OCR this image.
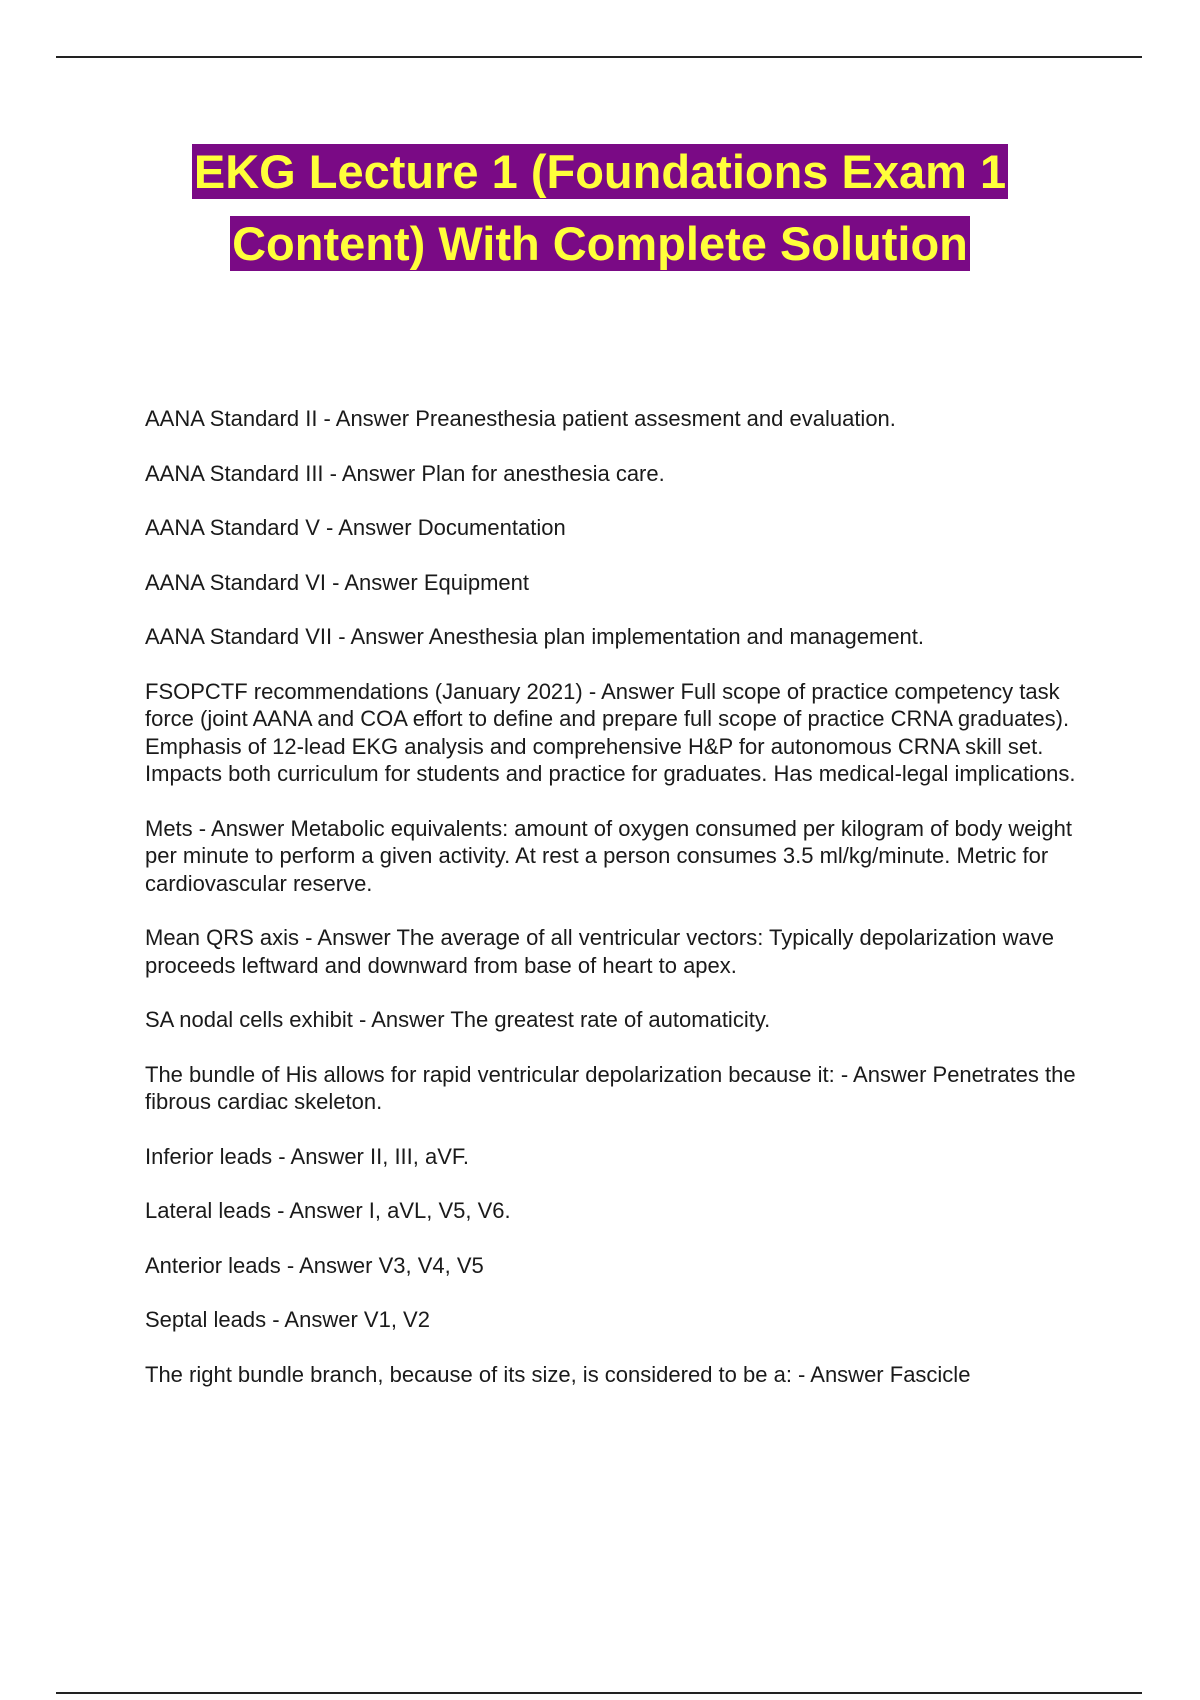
EKG Lecture 1 (Foundations Exam 1
Content) With Complete Solution

AANA Standard II - Answer Preanesthesia patient assesment and evaluation.

AANA Standard III - Answer Plan for anesthesia care.

AANA Standard V - Answer Documentation

AANA Standard VI - Answer Equipment

AANA Standard VII - Answer Anesthesia plan implementation and management.

FSOPCTF recommendations (January 2021) - Answer Full scope of practice competency task force (joint AANA and COA effort to define and prepare full scope of practice CRNA graduates). Emphasis of 12-lead EKG analysis and comprehensive H&P for autonomous CRNA skill set. Impacts both curriculum for students and practice for graduates. Has medical-legal implications.

Mets - Answer Metabolic equivalents: amount of oxygen consumed per kilogram of body weight per minute to perform a given activity. At rest a person consumes 3.5 ml/kg/minute. Metric for cardiovascular reserve.

Mean QRS axis - Answer The average of all ventricular vectors: Typically depolarization wave proceeds leftward and downward from base of heart to apex.

SA nodal cells exhibit - Answer The greatest rate of automaticity.

The bundle of His allows for rapid ventricular depolarization because it: - Answer Penetrates the fibrous cardiac skeleton.

Inferior leads - Answer II, III, aVF.

Lateral leads - Answer I, aVL, V5, V6.

Anterior leads - Answer V3, V4, V5

Septal leads - Answer V1, V2

The right bundle branch, because of its size, is considered to be a: - Answer Fascicle
